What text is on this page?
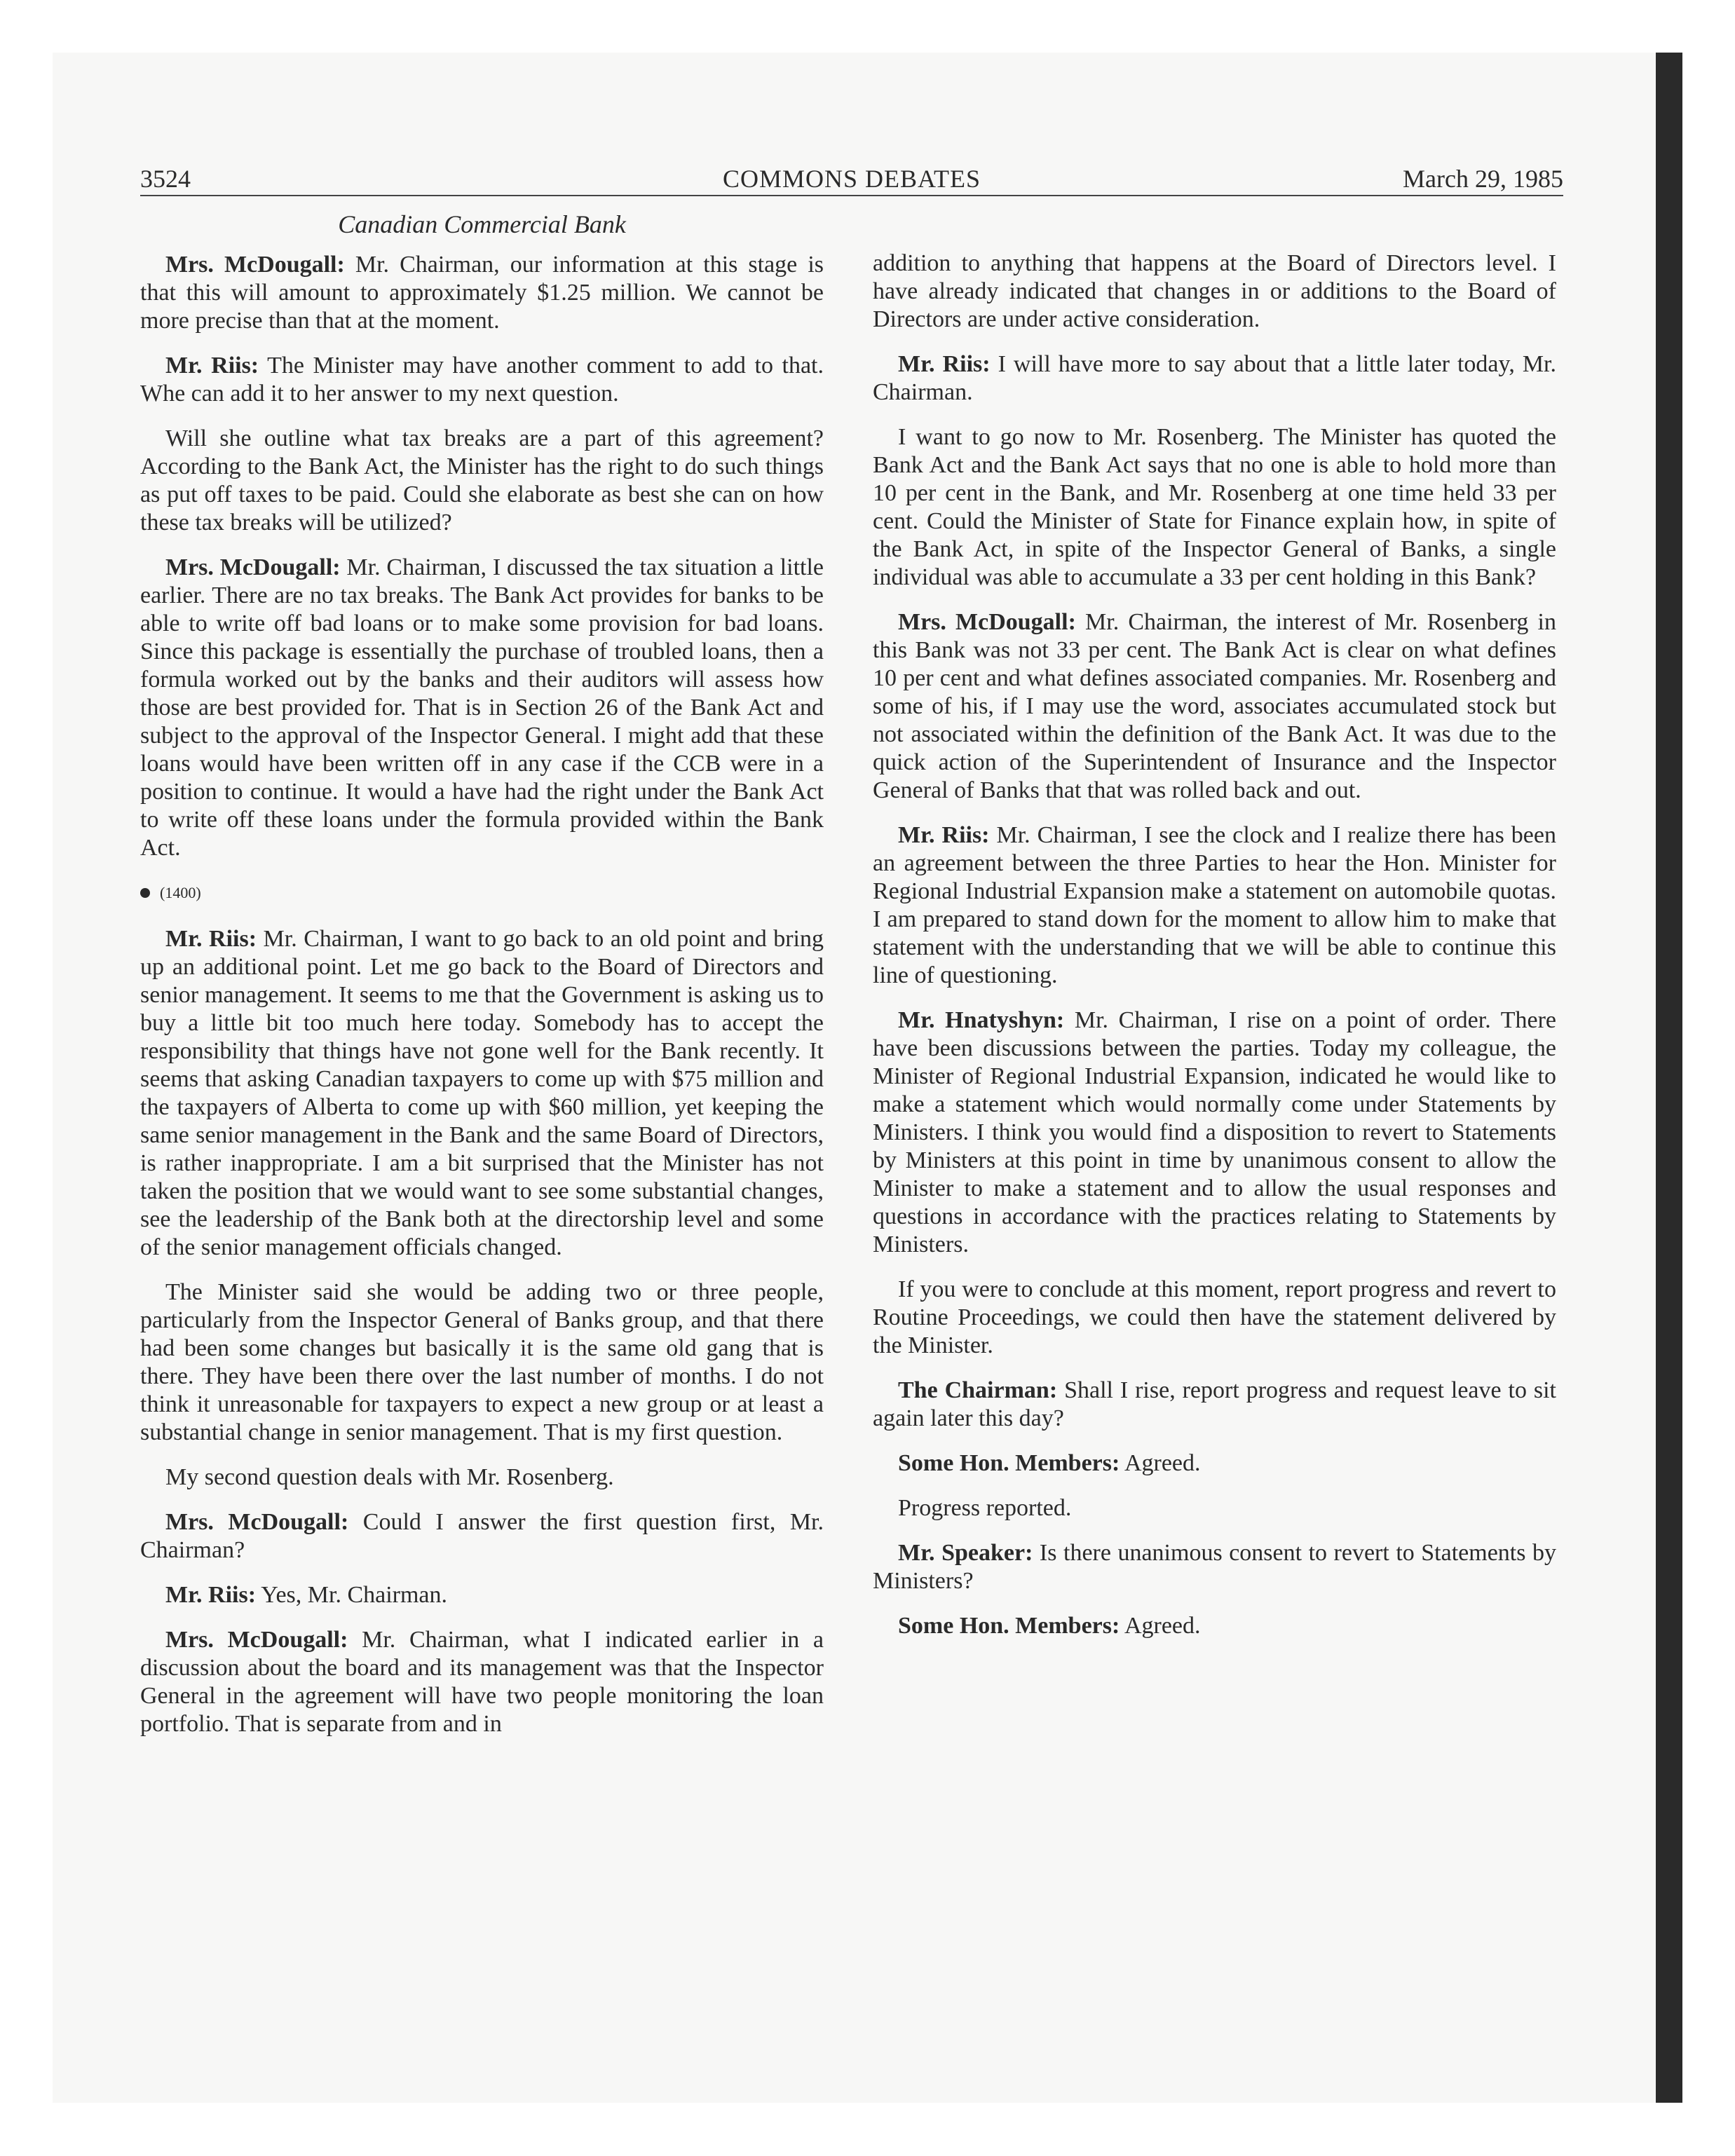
3524	COMMONS DEBATES	March 29, 1985
Canadian Commercial Bank

Mrs. McDougall: Mr. Chairman, our information at this stage is that this will amount to approximately $1.25 million. We cannot be more precise than that at the moment.

Mr. Riis: The Minister may have another comment to add to that. Whe can add it to her answer to my next question.

Will she outline what tax breaks are a part of this agreement? According to the Bank Act, the Minister has the right to do such things as put off taxes to be paid. Could she elaborate as best she can on how these tax breaks will be utilized?

Mrs. McDougall: Mr. Chairman, I discussed the tax situation a little earlier. There are no tax breaks. The Bank Act provides for banks to be able to write off bad loans or to make some provision for bad loans. Since this package is essentially the purchase of troubled loans, then a formula worked out by the banks and their auditors will assess how those are best provided for. That is in Section 26 of the Bank Act and subject to the approval of the Inspector General. I might add that these loans would have been written off in any case if the CCB were in a position to continue. It would a have had the right under the Bank Act to write off these loans under the formula provided within the Bank Act.

(1400)

Mr. Riis: Mr. Chairman, I want to go back to an old point and bring up an additional point. Let me go back to the Board of Directors and senior management. It seems to me that the Government is asking us to buy a little bit too much here today. Somebody has to accept the responsibility that things have not gone well for the Bank recently. It seems that asking Canadian taxpayers to come up with $75 million and the taxpayers of Alberta to come up with $60 million, yet keeping the same senior management in the Bank and the same Board of Directors, is rather inappropriate. I am a bit surprised that the Minister has not taken the position that we would want to see some substantial changes, see the leadership of the Bank both at the directorship level and some of the senior management officials changed.

The Minister said she would be adding two or three people, particularly from the Inspector General of Banks group, and that there had been some changes but basically it is the same old gang that is there. They have been there over the last number of months. I do not think it unreasonable for taxpayers to expect a new group or at least a substantial change in senior management. That is my first question.

My second question deals with Mr. Rosenberg.

Mrs. McDougall: Could I answer the first question first, Mr. Chairman?

Mr. Riis: Yes, Mr. Chairman.

Mrs. McDougall: Mr. Chairman, what I indicated earlier in a discussion about the board and its management was that the Inspector General in the agreement will have two people monitoring the loan portfolio. That is separate from and in

addition to anything that happens at the Board of Directors level. I have already indicated that changes in or additions to the Board of Directors are under active consideration.

Mr. Riis: I will have more to say about that a little later today, Mr. Chairman.

I want to go now to Mr. Rosenberg. The Minister has quoted the Bank Act and the Bank Act says that no one is able to hold more than 10 per cent in the Bank, and Mr. Rosenberg at one time held 33 per cent. Could the Minister of State for Finance explain how, in spite of the Bank Act, in spite of the Inspector General of Banks, a single individual was able to accumulate a 33 per cent holding in this Bank?

Mrs. McDougall: Mr. Chairman, the interest of Mr. Rosenberg in this Bank was not 33 per cent. The Bank Act is clear on what defines 10 per cent and what defines associated companies. Mr. Rosenberg and some of his, if I may use the word, associates accumulated stock but not associated within the definition of the Bank Act. It was due to the quick action of the Superintendent of Insurance and the Inspector General of Banks that that was rolled back and out.

Mr. Riis: Mr. Chairman, I see the clock and I realize there has been an agreement between the three Parties to hear the Hon. Minister for Regional Industrial Expansion make a statement on automobile quotas. I am prepared to stand down for the moment to allow him to make that statement with the understanding that we will be able to continue this line of questioning.

Mr. Hnatyshyn: Mr. Chairman, I rise on a point of order. There have been discussions between the parties. Today my colleague, the Minister of Regional Industrial Expansion, indicated he would like to make a statement which would normally come under Statements by Ministers. I think you would find a disposition to revert to Statements by Ministers at this point in time by unanimous consent to allow the Minister to make a statement and to allow the usual responses and questions in accordance with the practices relating to Statements by Ministers.

If you were to conclude at this moment, report progress and revert to Routine Proceedings, we could then have the statement delivered by the Minister.

The Chairman: Shall I rise, report progress and request leave to sit again later this day?

Some Hon. Members: Agreed.

Progress reported.

Mr. Speaker: Is there unanimous consent to revert to Statements by Ministers?

Some Hon. Members: Agreed.
